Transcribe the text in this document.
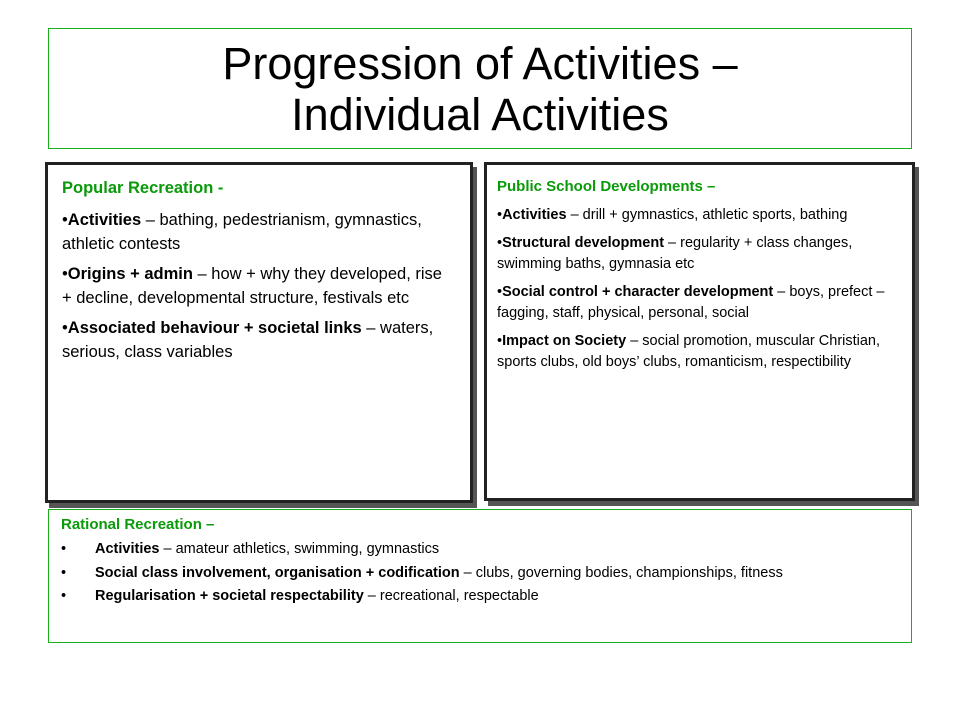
Progression of Activities –
Individual Activities

Popular Recreation -

•Activities – bathing, pedestrianism, gymnastics, athletic contests

•Origins + admin – how + why they developed, rise + decline, developmental structure, festivals etc

•Associated behaviour + societal links – waters, serious, class variables

Public School Developments –

•Activities – drill + gymnastics, athletic sports, bathing

•Structural development – regularity + class changes, swimming baths, gymnasia etc

•Social control + character development – boys, prefect – fagging, staff, physical, personal, social

•Impact on Society – social promotion, muscular Christian, sports clubs, old boys’ clubs, romanticism, respectibility

Rational Recreation –

• Activities – amateur athletics, swimming, gymnastics
• Social class involvement, organisation + codification – clubs, governing bodies, championships, fitness
• Regularisation + societal respectability – recreational, respectable
